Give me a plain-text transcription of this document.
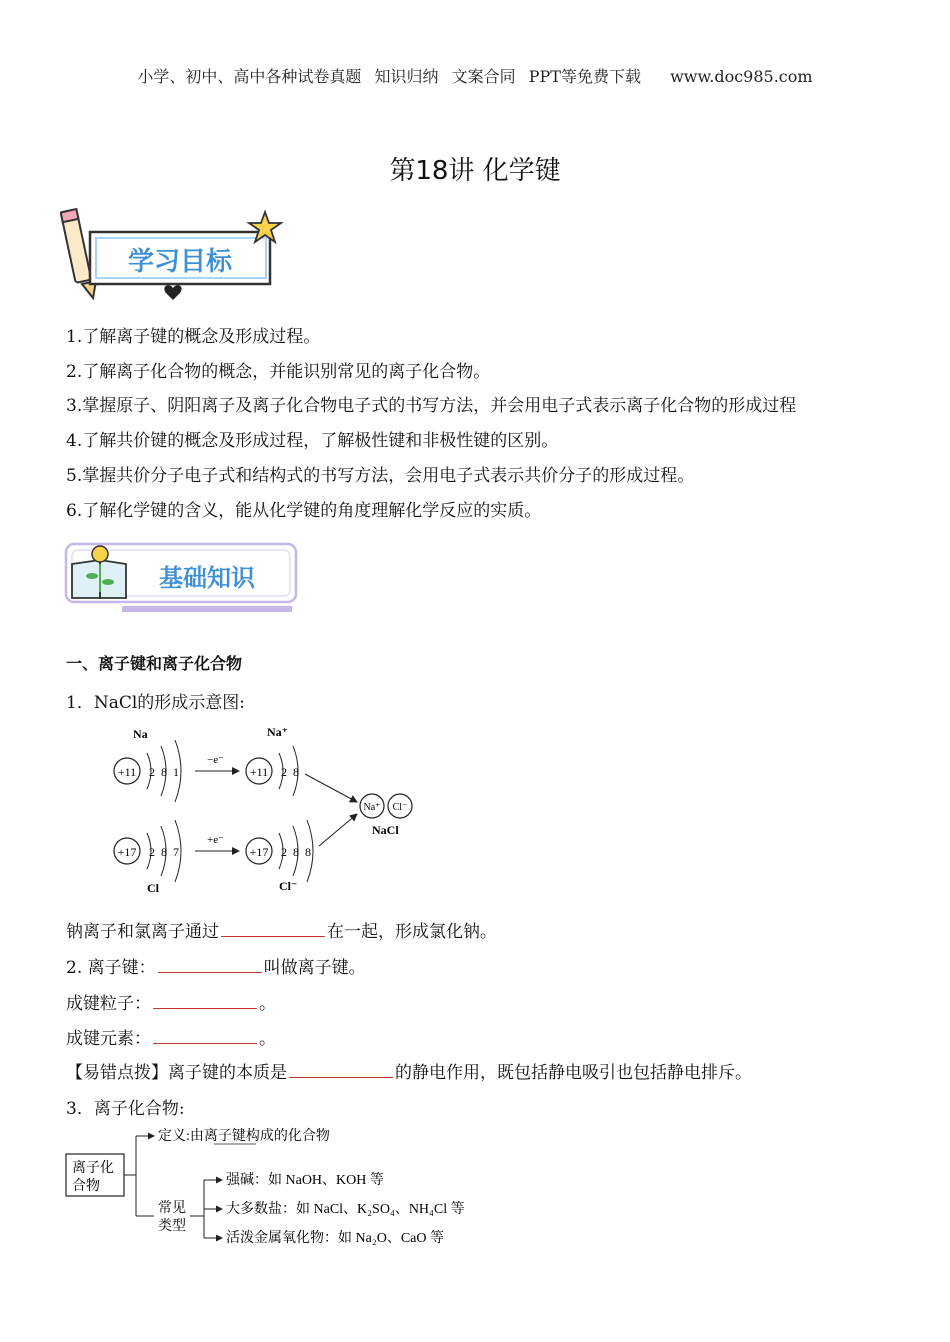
小学、初中、高中各种试卷真题 知识归纳 文案合同 PPT等免费下载 www.doc985.com
第18讲 化学键
学习目标
1.了解离子键的概念及形成过程。
2.了解离子化合物的概念，并能识别常见的离子化合物。
3.掌握原子、阴阳离子及离子化合物电子式的书写方法，并会用电子式表示离子化合物的形成过程
4.了解共价键的概念及形成过程，了解极性键和非极性键的区别。
5.掌握共价分子电子式和结构式的书写方法，会用电子式表示共价分子的形成过程。
6.了解化学键的含义，能从化学键的角度理解化学反应的实质。
基础知识
一、离子键和离子化合物
1．NaCl的形成示意图:
Na
+11 2  8  1
−e⁻
Na⁺
+11 2  8
+17 2  8  7
Cl
+e⁻
+17 2  8  8
Cl⁻
Na⁺ Cl⁻
NaCl
钠离子和氯离子通过	在一起，形成氯化钠。
2. 离子键：	叫做离子键。
成键粒子：	。
成键元素：	。
【易错点拨】离子键的本质是	的静电作用，既包括静电吸引也包括静电排斥。
3．离子化合物:
离子化
合物
定义:由离子键构成的化合物
常见
类型
强碱：如 NaOH、KOH 等
大多数盐：如 NaCl、K₂SO₄、NH₄Cl 等
活泼金属氧化物：如 Na₂O、CaO 等
